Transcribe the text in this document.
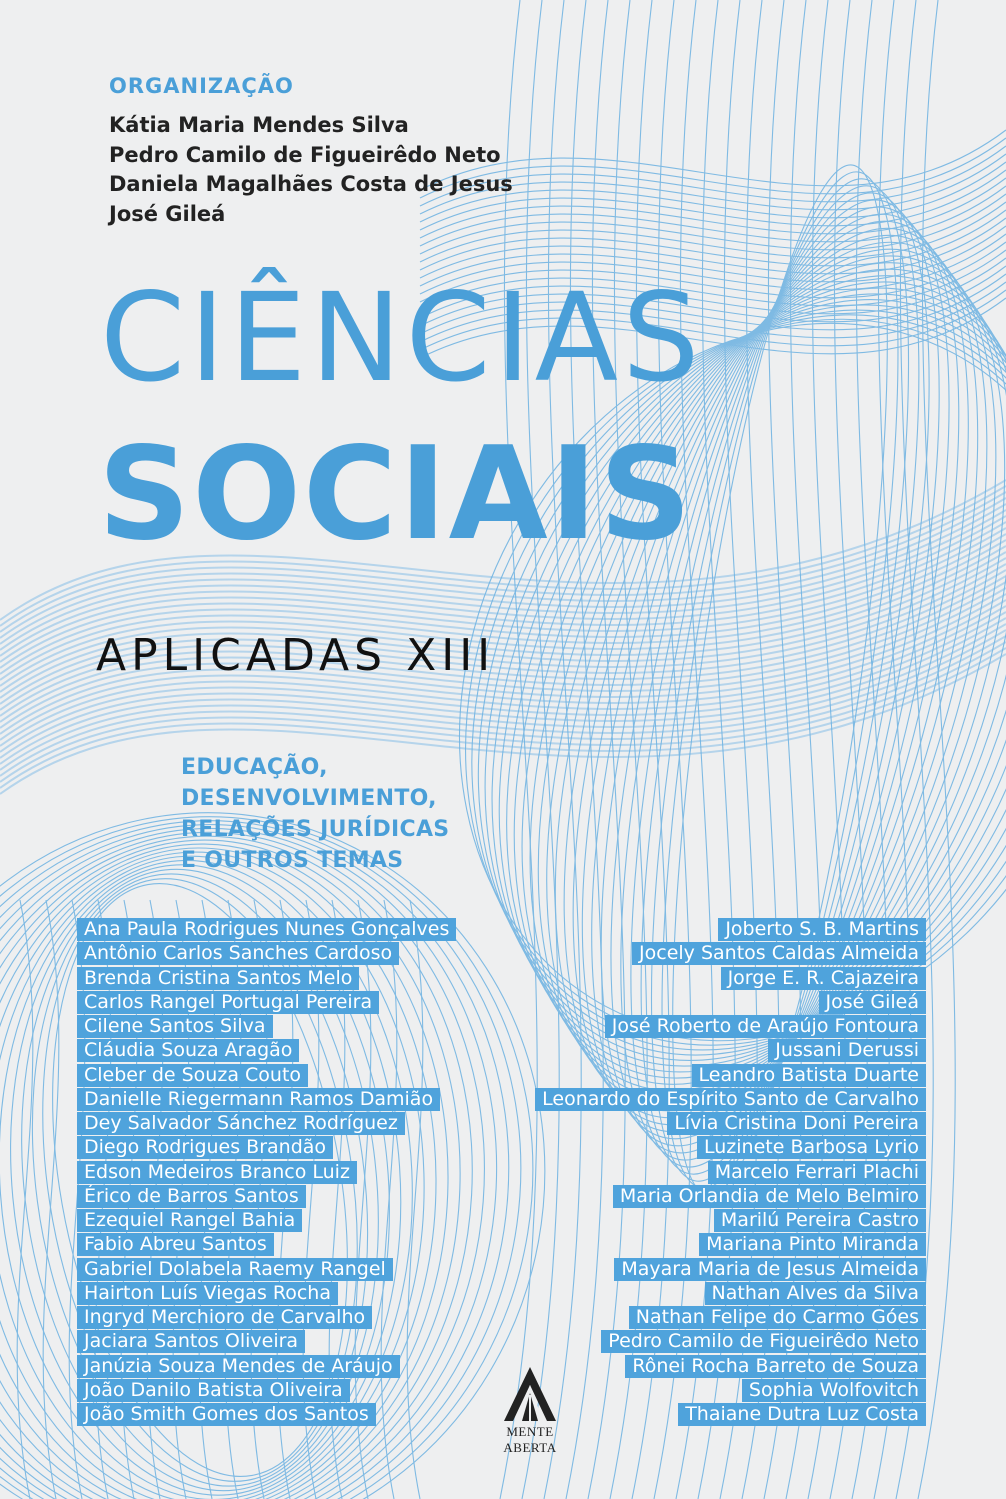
ORGANIZAÇÃO

Kátia Maria Mendes Silva
Pedro Camilo de Figueirêdo Neto
Daniela Magalhães Costa de Jesus
José Gileá
CIÊNCIAS
SOCIAIS
APLICADAS XIII
EDUCAÇÃO,
DESENVOLVIMENTO,
RELAÇÕES JURÍDICAS
E OUTROS TEMAS
Ana Paula Rodrigues Nunes Gonçalves
Antônio Carlos Sanches Cardoso
Brenda Cristina Santos Melo
Carlos Rangel Portugal Pereira
Cilene Santos Silva
Cláudia Souza Aragão
Cleber de Souza Couto
Danielle Riegermann Ramos Damião
Dey Salvador Sánchez Rodríguez
Diego Rodrigues Brandão
Edson Medeiros Branco Luiz
Érico de Barros Santos
Ezequiel Rangel Bahia
Fabio Abreu Santos
Gabriel Dolabela Raemy Rangel
Hairton Luís Viegas Rocha
Ingryd Merchioro de Carvalho
Jaciara Santos Oliveira
Janúzia Souza Mendes de Aráujo
João Danilo Batista Oliveira
João Smith Gomes dos Santos
Joberto S. B. Martins
Jocely Santos Caldas Almeida
Jorge E. R. Cajazeira
José Gileá
José Roberto de Araújo Fontoura
Jussani Derussi
Leandro Batista Duarte
Leonardo do Espírito Santo de Carvalho
Lívia Cristina Doni Pereira
Luzinete Barbosa Lyrio
Marcelo Ferrari Plachi
Maria Orlandia de Melo Belmiro
Marilú Pereira Castro
Mariana Pinto Miranda
Mayara Maria de Jesus Almeida
Nathan Alves da Silva
Nathan Felipe do Carmo Góes
Pedro Camilo de Figueirêdo Neto
Rônei Rocha Barreto de Souza
Sophia Wolfovitch
Thaiane Dutra Luz Costa
MENTE ABERTA
